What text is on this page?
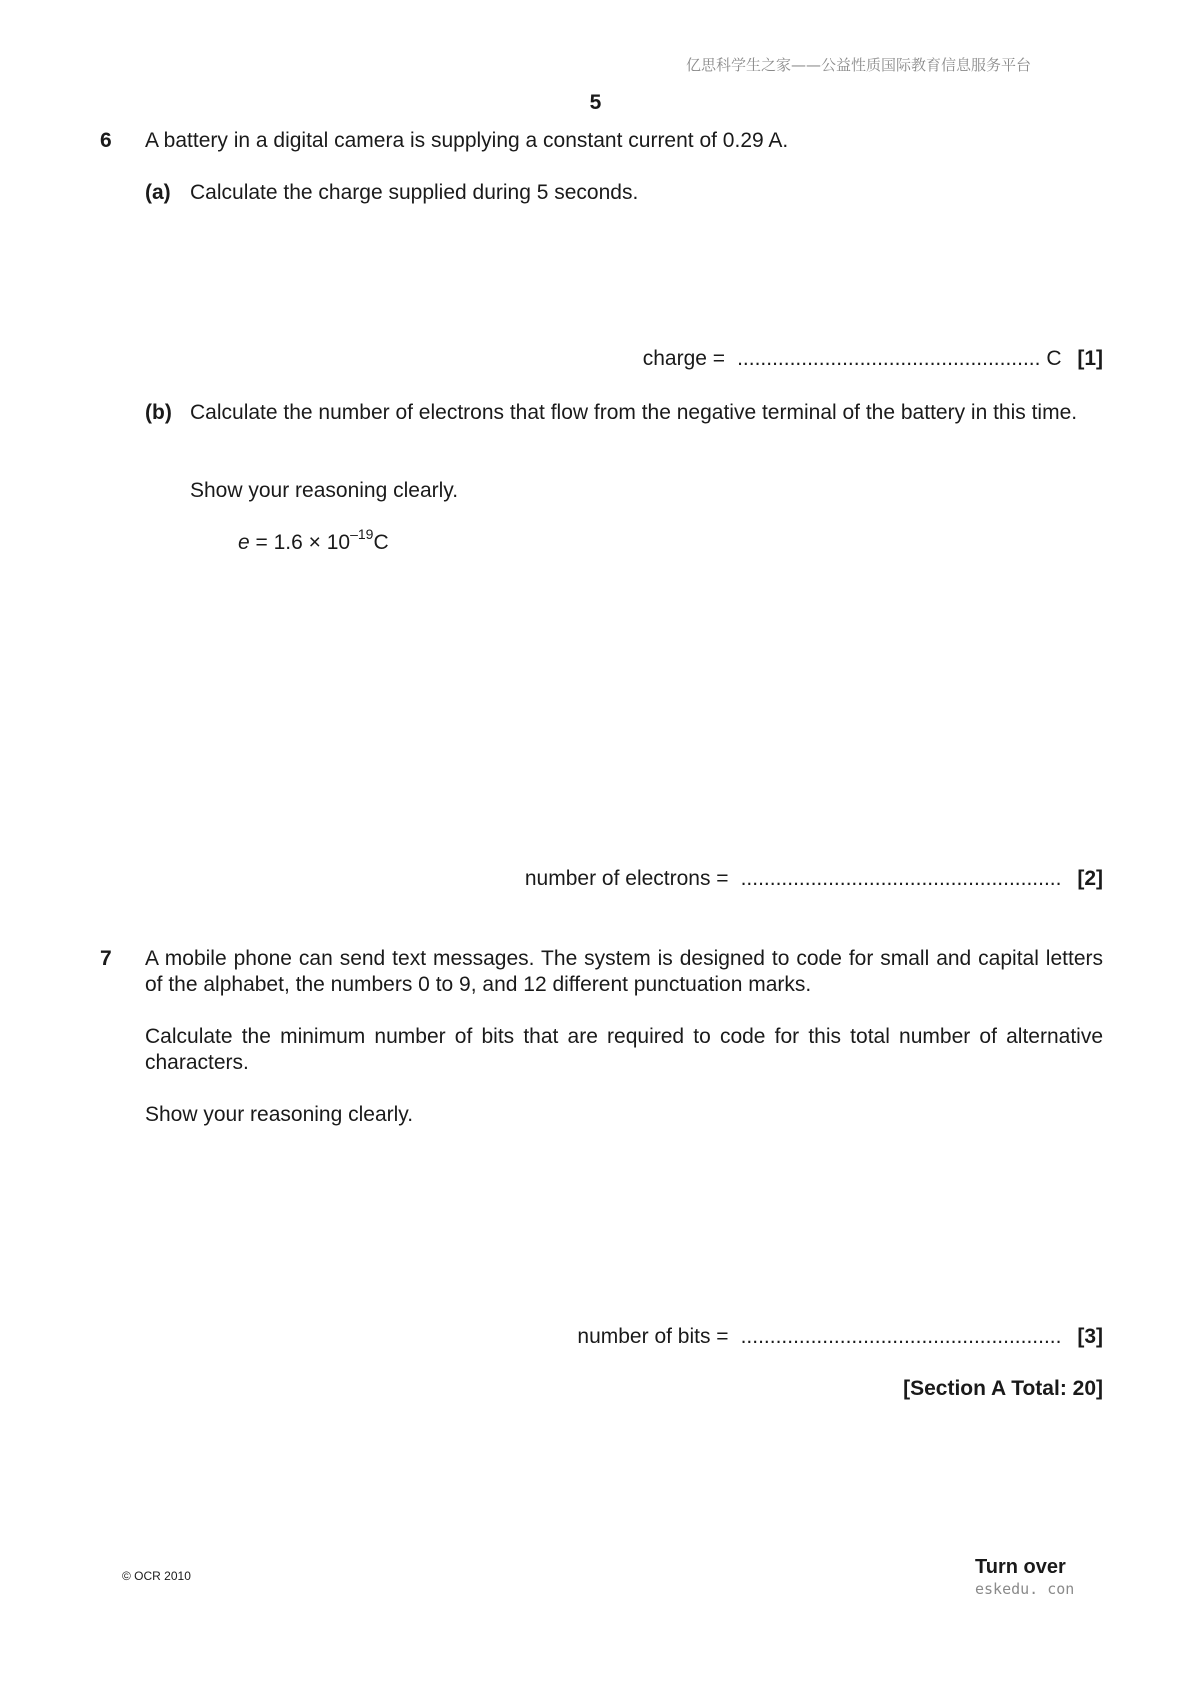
亿思科学生之家——公益性质国际教育信息服务平台
5
6 A battery in a digital camera is supplying a constant current of 0.29 A.
(a) Calculate the charge supplied during 5 seconds.
charge = .................................................... C [1]
(b) Calculate the number of electrons that flow from the negative terminal of the battery in this time.
Show your reasoning clearly.
$e = 1.6 \times 10^{-19}C$
number of electrons = ....................................................... [2]
7 A mobile phone can send text messages. The system is designed to code for small and capital letters of the alphabet, the numbers 0 to 9, and 12 different punctuation marks.
Calculate the minimum number of bits that are required to code for this total number of alternative characters.
Show your reasoning clearly.
number of bits = ....................................................... [3]
[Section A Total: 20]
© OCR 2010	Turn over
eskedu. con
